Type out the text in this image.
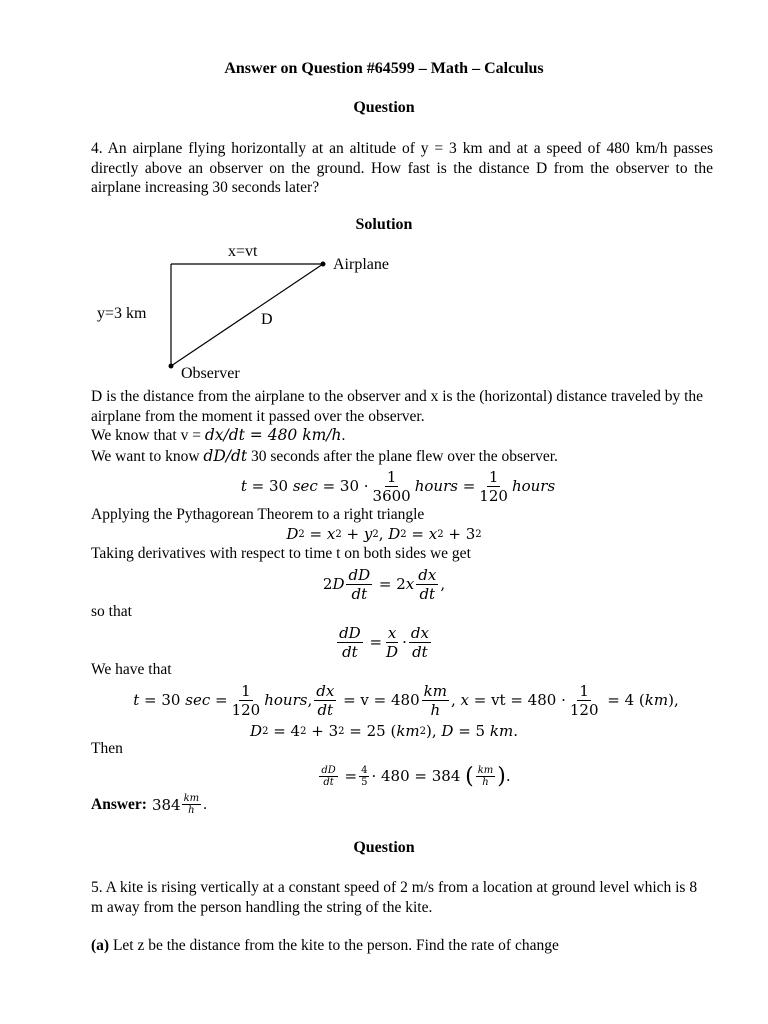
Answer on Question #64599 – Math – Calculus
Question
4. An airplane flying horizontally at an altitude of y = 3 km and at a speed of 480 km/h passes directly above an observer on the ground. How fast is the distance D from the observer to the airplane increasing 30 seconds later?
Solution
x=vt
Airplane
y=3 km	D
Observer
D is the distance from the airplane to the observer and x is the (horizontal) distance traveled by the airplane from the moment it passed over the observer.
We know that v = dx/dt = 480 km/h.
We want to know dD/dt 30 seconds after the plane flew over the observer.
t = 30 $\sec = 30 \cdot \frac{1}{3600}$ hours = $\frac{1}{120}$ hours
Applying the Pythagorean Theorem to a right triangle
D 2 = x 2 + y 2 , D 2 = x 2 + 3 2
Taking derivatives with respect to time t on both sides we get
2 D $\frac{dD}{dt} = 2$ x $\frac{dx}{dt}$ ,
so that
$\frac{dD}{dt} = \frac{x}{D} \cdot \frac{dx}{dt}$
We have that
t = 30 $\sec = \frac{1}{120}$ hours , $\frac{dx}{dt} = v = 480 \frac{km}{h}$ , x = vt = $480 \cdot \frac{1}{120} = 4$ ( km ),
D 2 = 4 2 + 3 2 = 25 ( km 2 ), D = 5 km .
Then
$\frac{dD}{dt} = \frac{4}{5} \cdot 480 = 384$ ( $\frac{km}{h}$ ) .
Answer: $384 \frac{km}{h}$ .
Question
5. A kite is rising vertically at a constant speed of 2 m/s from a location at ground level which is 8 m away from the person handling the string of the kite.
(a) Let z be the distance from the kite to the person. Find the rate of change
